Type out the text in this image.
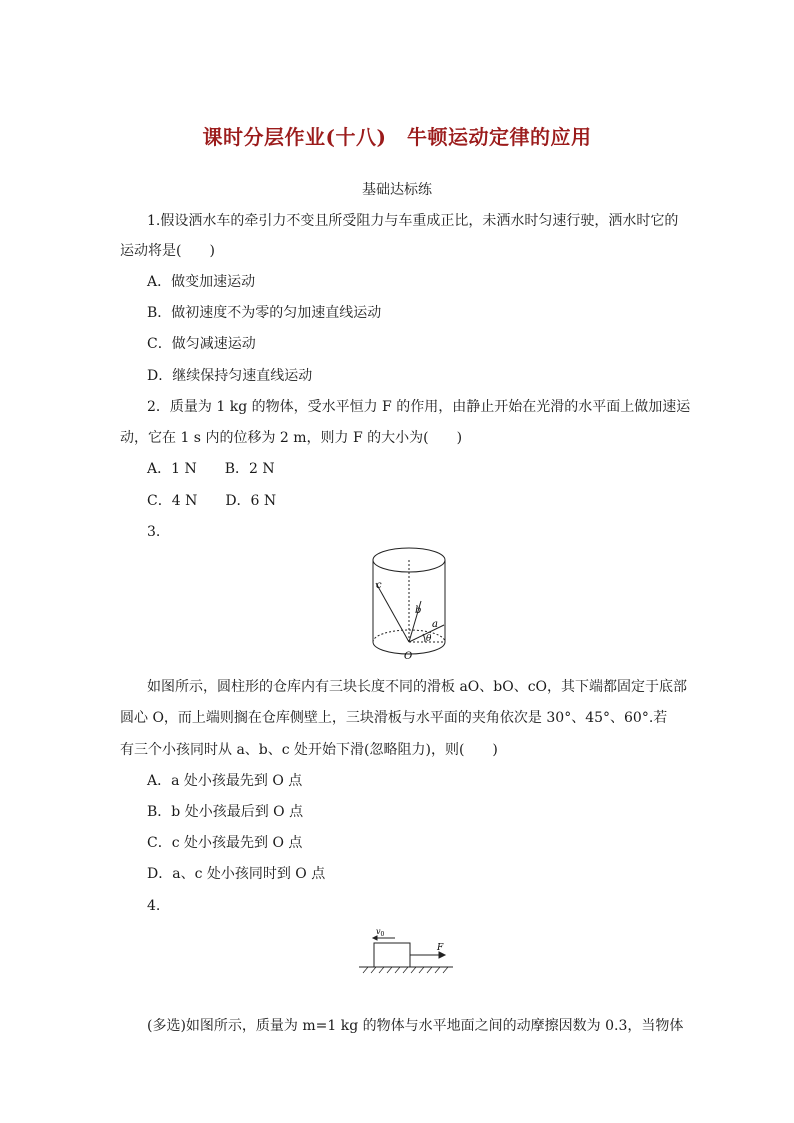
课时分层作业(十八)　牛顿运动定律的应用
基础达标练
1.假设洒水车的牵引力不变且所受阻力与车重成正比，未洒水时匀速行驶，洒水时它的
运动将是(　　)
A．做变加速运动
B．做初速度不为零的匀加速直线运动
C．做匀减速运动
D．继续保持匀速直线运动
2．质量为 1 kg 的物体，受水平恒力 F 的作用，由静止开始在光滑的水平面上做加速运
动，它在 1 s 内的位移为 2 m，则力 F 的大小为(　　)
A．1 N　　B．2 N
C．4 N　　D．6 N
3.
c
b
a
θ
O
如图所示，圆柱形的仓库内有三块长度不同的滑板 aO、bO、cO，其下端都固定于底部
圆心 O，而上端则搁在仓库侧壁上，三块滑板与水平面的夹角依次是 30°、45°、60°.若
有三个小孩同时从 a、b、c 处开始下滑(忽略阻力)，则(　　)
A．a 处小孩最先到 O 点
B．b 处小孩最后到 O 点
C．c 处小孩最先到 O 点
D．a、c 处小孩同时到 O 点
4.
$v_0$
F
(多选)如图所示，质量为 m=1 kg 的物体与水平地面之间的动摩擦因数为 0.3，当物体
